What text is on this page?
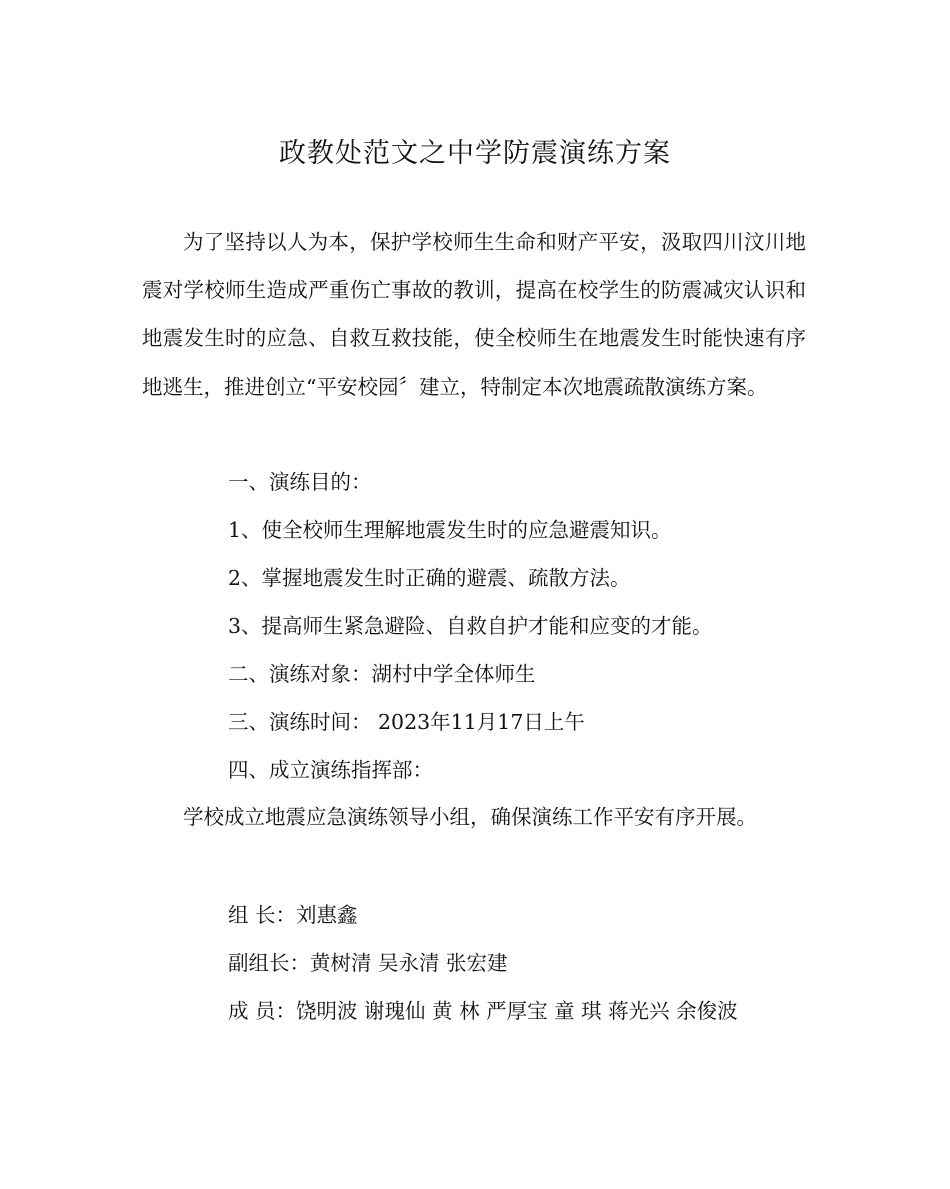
政教处范文之中学防震演练方案
为了坚持以人为本，保护学校师生生命和财产平安，汲取四川汶川地震对学校师生造成严重伤亡事故的教训，提高在校学生的防震减灾认识和地震发生时的应急、自救互救技能，使全校师生在地震发生时能快速有序地逃生，推进创立“平安校园〞建立，特制定本次地震疏散演练方案。
一、演练目的：
1、使全校师生理解地震发生时的应急避震知识。
2、掌握地震发生时正确的避震、疏散方法。
3、提高师生紧急避险、自救自护才能和应变的才能。
二、演练对象：湖村中学全体师生
三、演练时间： 2023年11月17日上午
四、成立演练指挥部：
学校成立地震应急演练领导小组，确保演练工作平安有序开展。
组 长：刘惠鑫
副组长：黄树清 吴永清 张宏建
成 员：饶明波 谢瑰仙 黄 林 严厚宝 童 琪 蒋光兴 余俊波
